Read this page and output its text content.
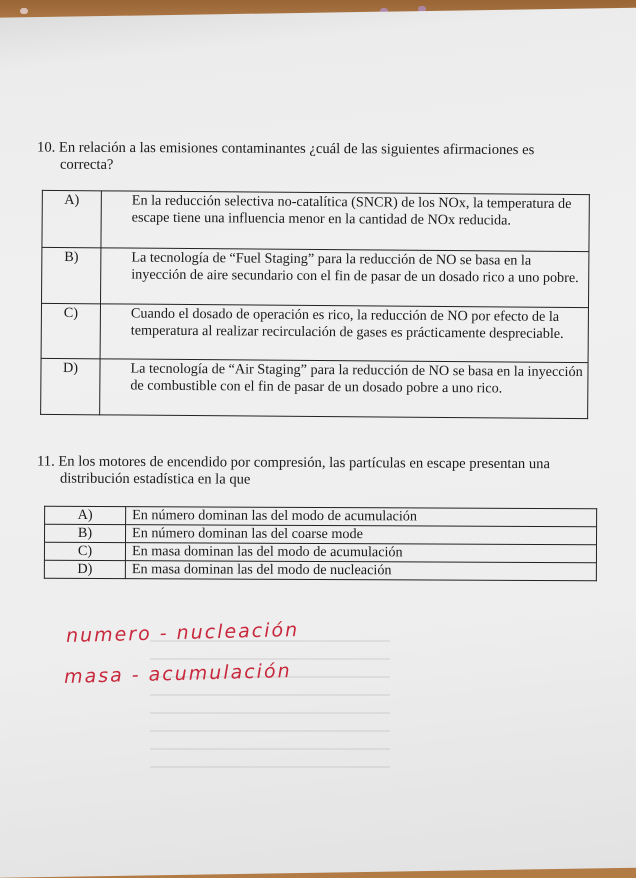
10. En relación a las emisiones contaminantes ¿cuál de las siguientes afirmaciones es
correcta?
A)	En la reducción selectiva no-catalítica (SNCR) de los NOx, la temperatura de escape tiene una influencia menor en la cantidad de NOx reducida.
B)	La tecnología de “Fuel Staging” para la reducción de NO se basa en la inyección de aire secundario con el fin de pasar de un dosado rico a uno pobre.
C)	Cuando el dosado de operación es rico, la reducción de NO por efecto de la temperatura al realizar recirculación de gases es prácticamente despreciable.
D)	La tecnología de “Air Staging” para la reducción de NO se basa en la inyección de combustible con el fin de pasar de un dosado pobre a uno rico.
11. En los motores de encendido por compresión, las partículas en escape presentan una
distribución estadística en la que
A)	En número dominan las del modo de acumulación
B)	En número dominan las del coarse mode
C)	En masa dominan las del modo de acumulación
D)	En masa dominan las del modo de nucleación
numero - nucleación
masa - acumulación
